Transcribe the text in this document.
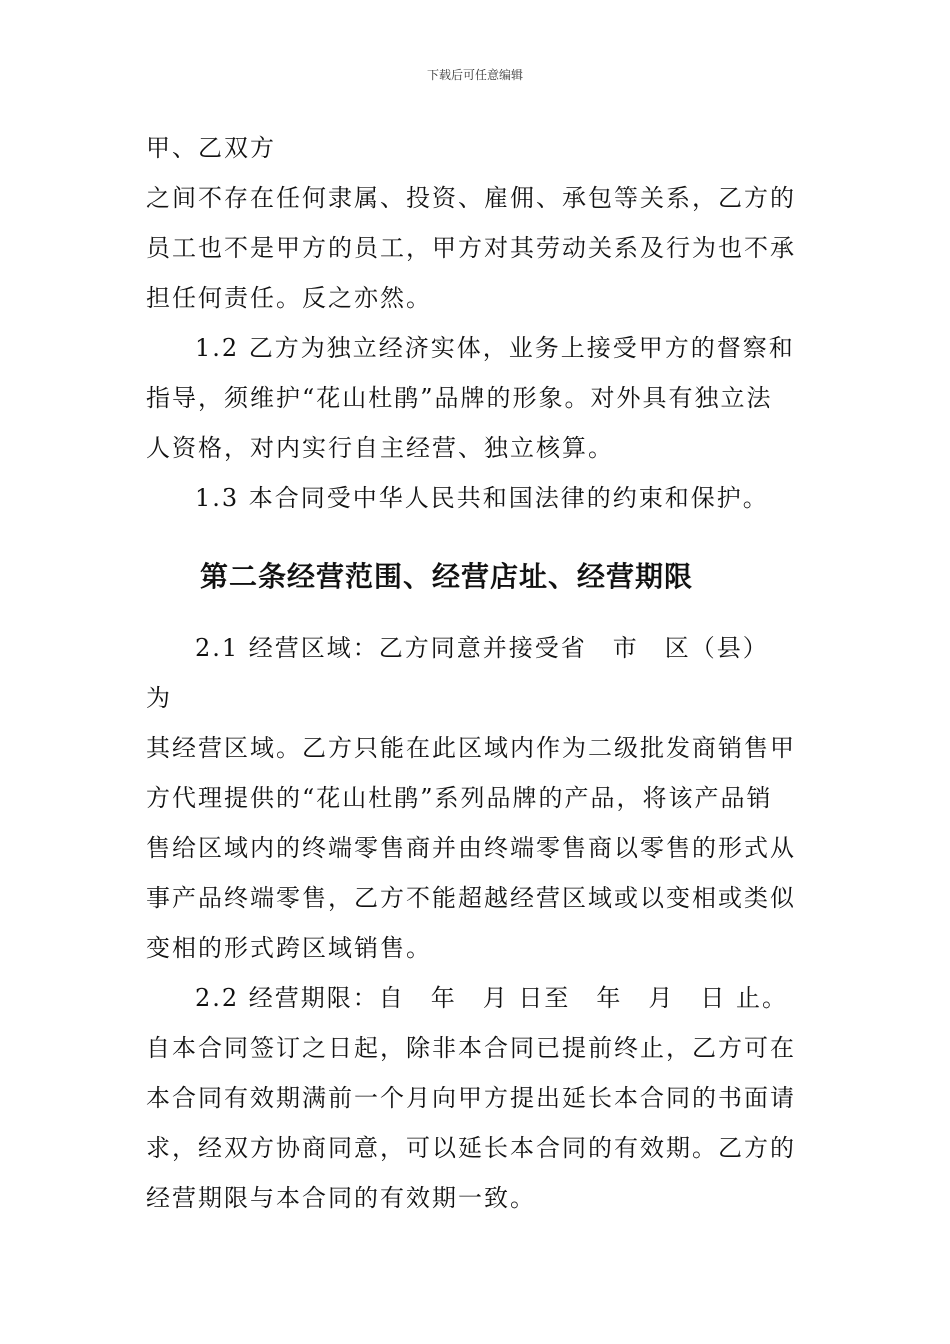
下载后可任意编辑
甲、乙双方
之间不存在任何隶属、投资、雇佣、承包等关系，乙方的
员工也不是甲方的员工，甲方对其劳动关系及行为也不承
担任何责任。反之亦然。
1.2 乙方为独立经济实体，业务上接受甲方的督察和
指导，须维护“花山杜鹃”品牌的形象。对外具有独立法
人资格，对内实行自主经营、独立核算。
1.3 本合同受中华人民共和国法律的约束和保护。
第二条经营范围、经营店址、经营期限
2.1 经营区域：乙方同意并接受省　市　区（县）
为
其经营区域。乙方只能在此区域内作为二级批发商销售甲
方代理提供的“花山杜鹃”系列品牌的产品，将该产品销
售给区域内的终端零售商并由终端零售商以零售的形式从
事产品终端零售，乙方不能超越经营区域或以变相或类似
变相的形式跨区域销售。
2.2 经营期限：自　年　月 日至　年　月　日 止。
自本合同签订之日起，除非本合同已提前终止，乙方可在
本合同有效期满前一个月向甲方提出延长本合同的书面请
求，经双方协商同意，可以延长本合同的有效期。乙方的
经营期限与本合同的有效期一致。
